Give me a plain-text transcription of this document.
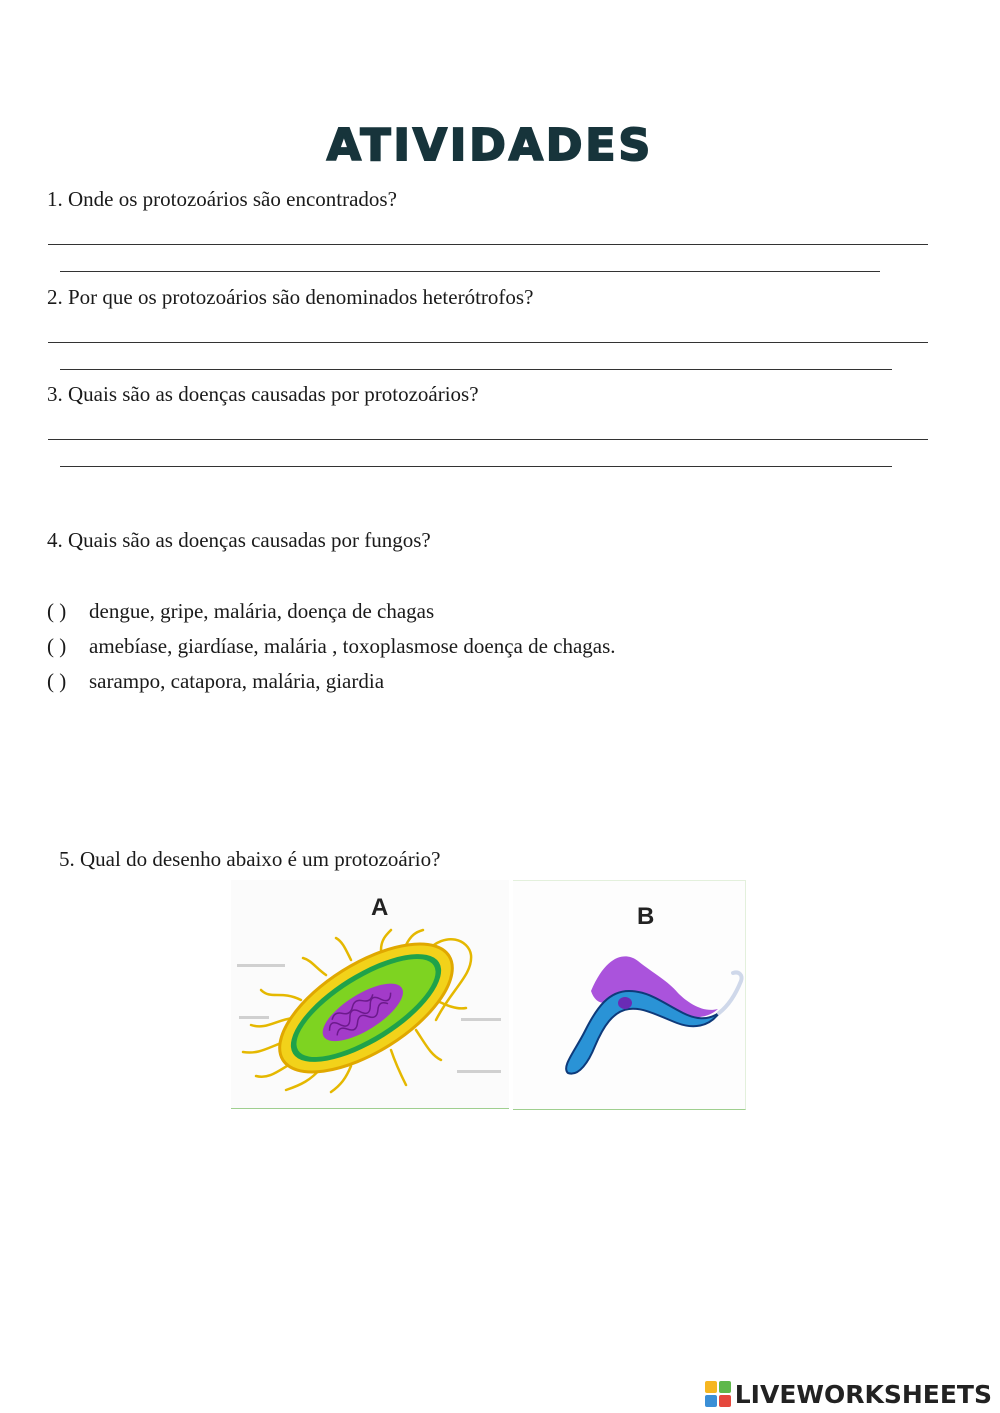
ATIVIDADES
1. Onde os protozoários são encontrados?
2. Por que os protozoários são denominados heterótrofos?
3. Quais são as doenças causadas por protozoários?
4. Quais são as doenças causadas por fungos?
( ) dengue, gripe, malária, doença de chagas
( ) amebíase, giardíase, malária , toxoplasmose doença de chagas.
( ) sarampo, catapora, malária, giardia
5. Qual do desenho abaixo é um protozoário?
A	B
LIVEWORKSHEETS
